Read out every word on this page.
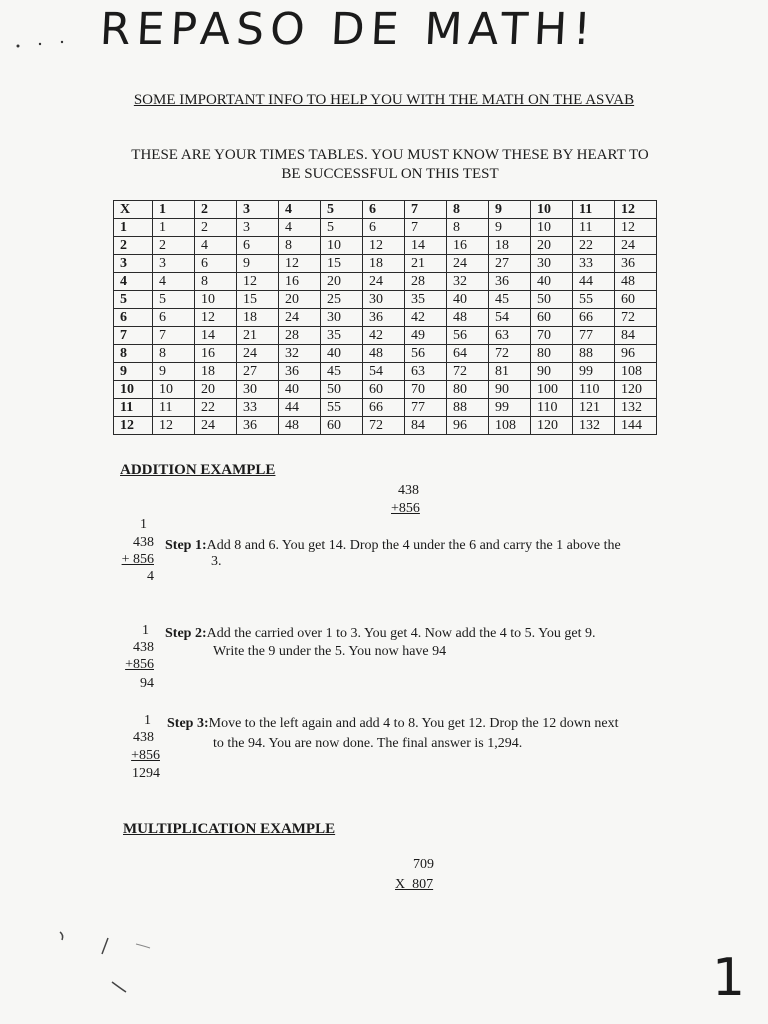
REPASO DE MATH!
SOME IMPORTANT INFO TO HELP YOU WITH THE MATH ON THE ASVAB
THESE ARE YOUR TIMES TABLES. YOU MUST KNOW THESE BY HEART TO BE SUCCESSFUL ON THIS TEST
X	1	2	3	4	5	6	7	8	9	10	11	12
1	1	2	3	4	5	6	7	8	9	10	11	12
2	2	4	6	8	10	12	14	16	18	20	22	24
3	3	6	9	12	15	18	21	24	27	30	33	36
4	4	8	12	16	20	24	28	32	36	40	44	48
5	5	10	15	20	25	30	35	40	45	50	55	60
6	6	12	18	24	30	36	42	48	54	60	66	72
7	7	14	21	28	35	42	49	56	63	70	77	84
8	8	16	24	32	40	48	56	64	72	80	88	96
9	9	18	27	36	45	54	63	72	81	90	99	108
10	10	20	30	40	50	60	70	80	90	100	110	120
11	11	22	33	44	55	66	77	88	99	110	121	132
12	12	24	36	48	60	72	84	96	108	120	132	144
ADDITION EXAMPLE
438
+856
1
438
+ 856
4
Step 1:Add 8 and 6. You get 14. Drop the 4 under the 6 and carry the 1 above the
3.
1
438
+856
94
Step 2:Add the carried over 1 to 3. You get 4. Now add the 4 to 5. You get 9.
Write the 9 under the 5. You now have 94
1
438
+856
1294
Step 3:Move to the left again and add 4 to 8. You get 12. Drop the 12 down next
to the 94. You are now done. The final answer is 1,294.
MULTIPLICATION EXAMPLE
709
X  807
1
